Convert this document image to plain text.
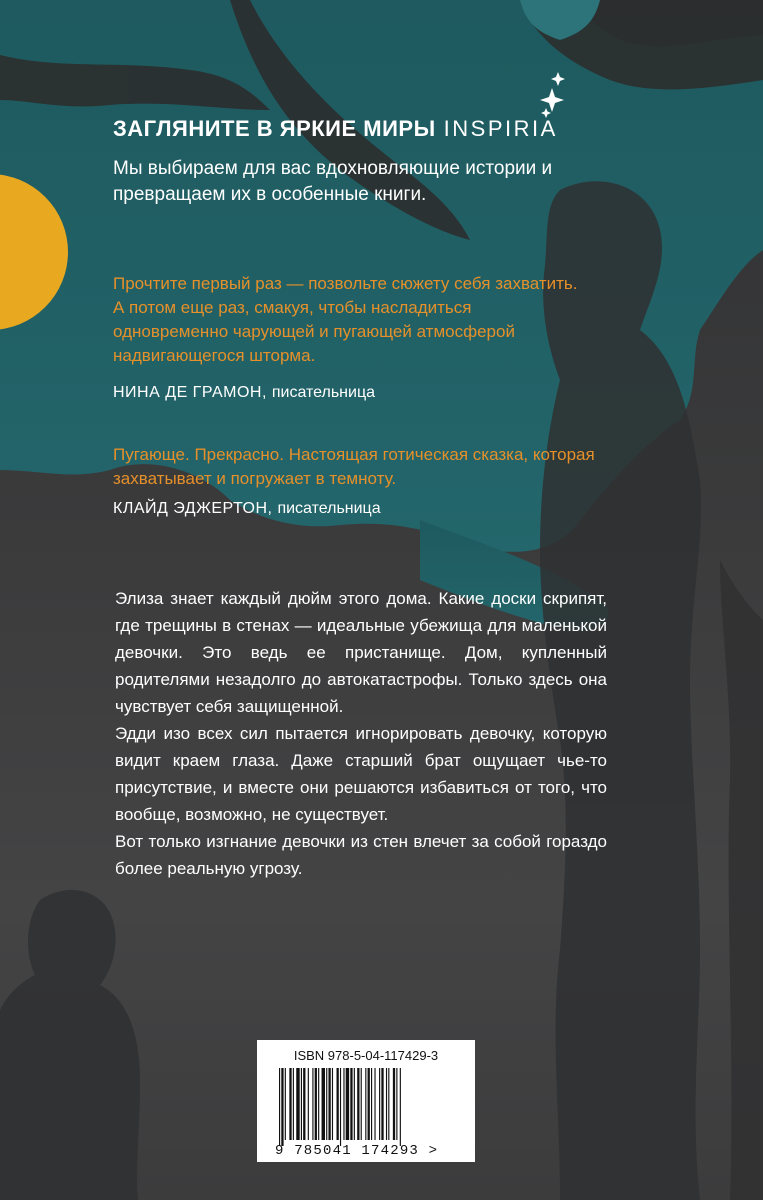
ЗАГЛЯНИТЕ В ЯРКИЕ МИРЫ INSPIRIA
Мы выбираем для вас вдохновляющие истории и превращаем их в особенные книги.
Прочтите первый раз — позвольте сюжету себя захватить. А потом еще раз, смакуя, чтобы насладиться одновременно чарующей и пугающей атмосферой надвигающегося шторма.
НИНА ДЕ ГРАМОН, писательница
Пугающе. Прекрасно. Настоящая готическая сказка, которая захватывает и погружает в темноту.
КЛАЙД ЭДЖЕРТОН, писательница

Элиза знает каждый дюйм этого дома. Какие доски скрипят, где трещины в стенах — идеальные убежища для маленькой девочки. Это ведь ее пристанище. Дом, купленный родителями незадолго до автокатастрофы. Только здесь она чувствует себя защищенной.

Эдди изо всех сил пытается игнорировать девочку, которую видит краем глаза. Даже старший брат ощущает чье-то присутствие, и вместе они решаются избавиться от того, что вообще, возможно, не существует.

Вот только изгнание девочки из стен влечет за собой гораздо более реальную угрозу.

ISBN 978-5-04-117429-3
9 785041 174293 >
